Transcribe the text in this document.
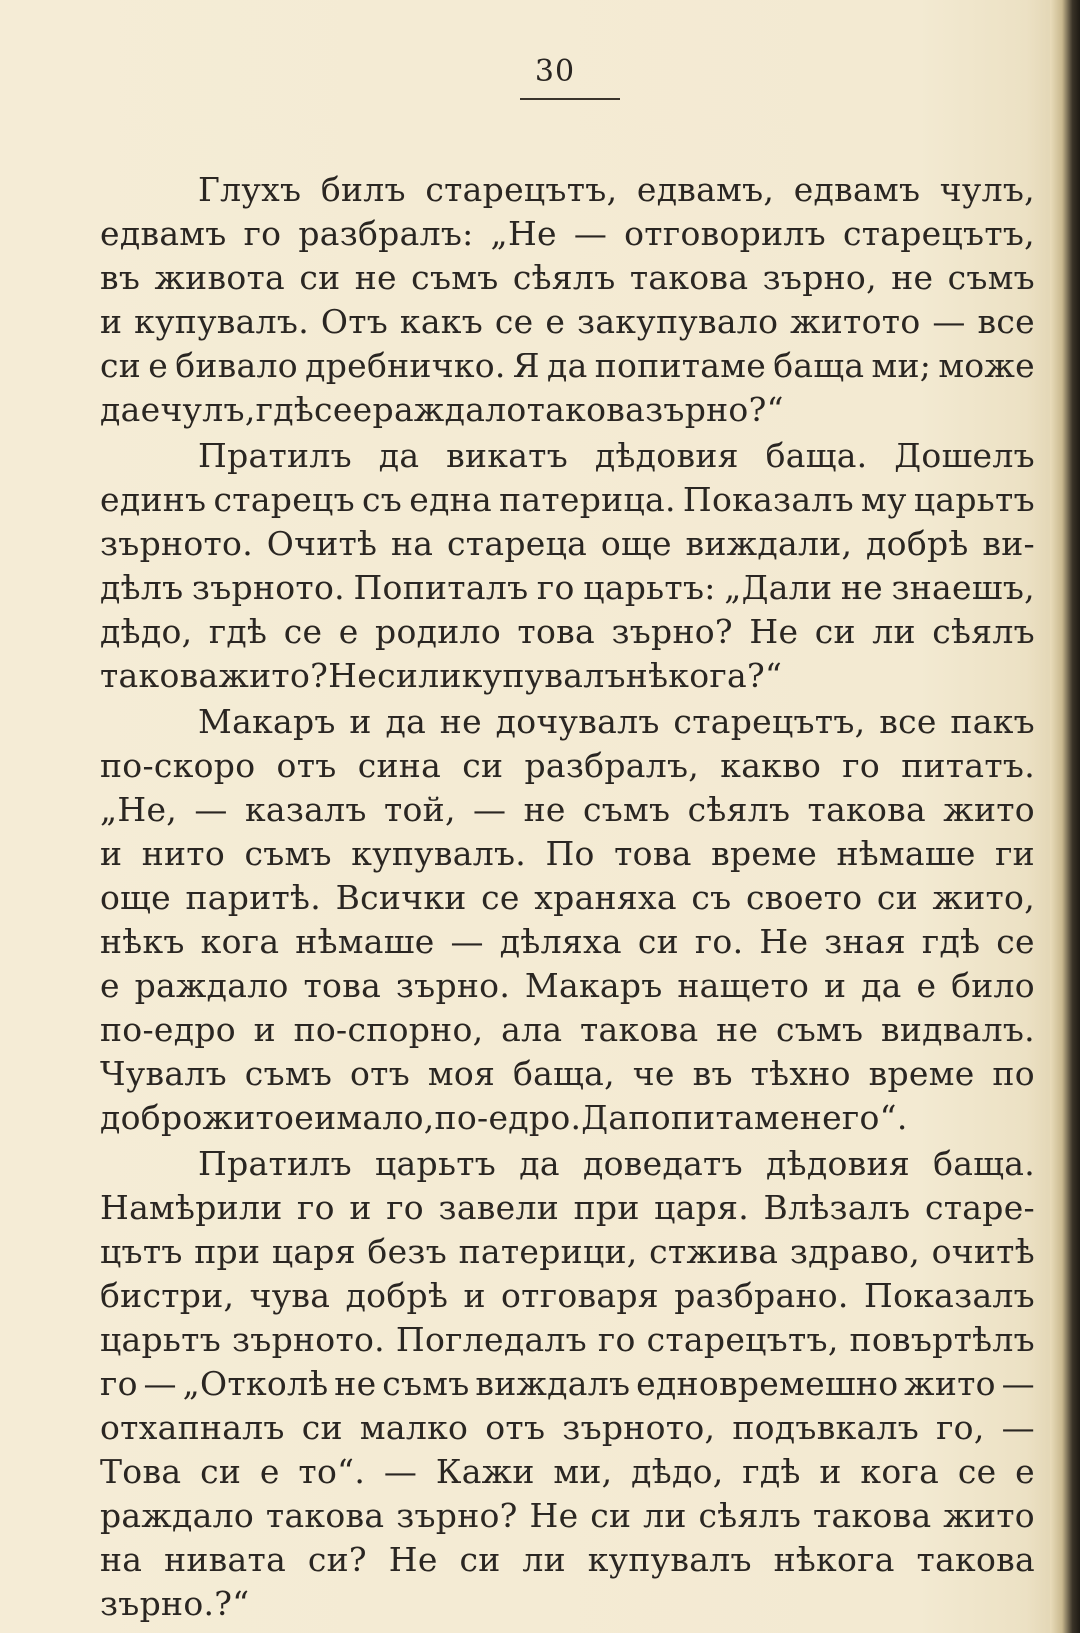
30
Глухъ билъ старецътъ, едвамъ, едвамъ чулъ,
едвамъ го разбралъ: „Не — отговорилъ старецътъ,
въ живота си не съмъ сѣялъ такова зърно, не съмъ
и купувалъ. Отъ какъ се е закупувало житото — все
си е бивало дребничко. Я да попитаме баща ми; може
да е чулъ, гдѣ се е раждало такова зърно?“
Пратилъ да викатъ дѣдовия баща. Дошелъ
единъ старецъ съ една патерица. Показалъ му царьтъ
зърното. Очитѣ на стареца още виждали, добрѣ ви-
дѣлъ зърното. Попиталъ го царьтъ: „Дали не знаешъ,
дѣдо, гдѣ се е родило това зърно? Не си ли сѣялъ
такова жито? Не си ли купувалъ нѣкога?“
Макаръ и да не дочувалъ старецътъ, все пакъ
по-скоро отъ сина си разбралъ, какво го питатъ.
„Не, — казалъ той, — не съмъ сѣялъ такова жито
и нито съмъ купувалъ. По това време нѣмаше ги
още паритѣ. Всички се храняха съ своето си жито,
нѣкъ кога нѣмаше — дѣляха си го. Не зная гдѣ се
е раждало това зърно. Макаръ нащето и да е било
по-едро и по-спорно, ала такова не съмъ видвалъ.
Чувалъ съмъ отъ моя баща, че въ тѣхно време по
добро жито е имало, по-едро. Да попитаме него“.
Пратилъ царьтъ да доведатъ дѣдовия баща.
Намѣрили го и го завели при царя. Влѣзалъ старе-
цътъ при царя безъ патерици, стжива здраво, очитѣ
бистри, чува добрѣ и отговаря разбрано. Показалъ
царьтъ зърното. Погледалъ го старецътъ, повъртѣлъ
го — „Отколѣ не съмъ виждалъ едновремешно жито —
отхапналъ си малко отъ зърното, подъвкалъ го, —
Това си е то“. — Кажи ми, дѣдо, гдѣ и кога се е
раждало такова зърно? Не си ли сѣялъ такова жито
на нивата си? Не си ли купувалъ нѣкога такова
зърно. ?“
